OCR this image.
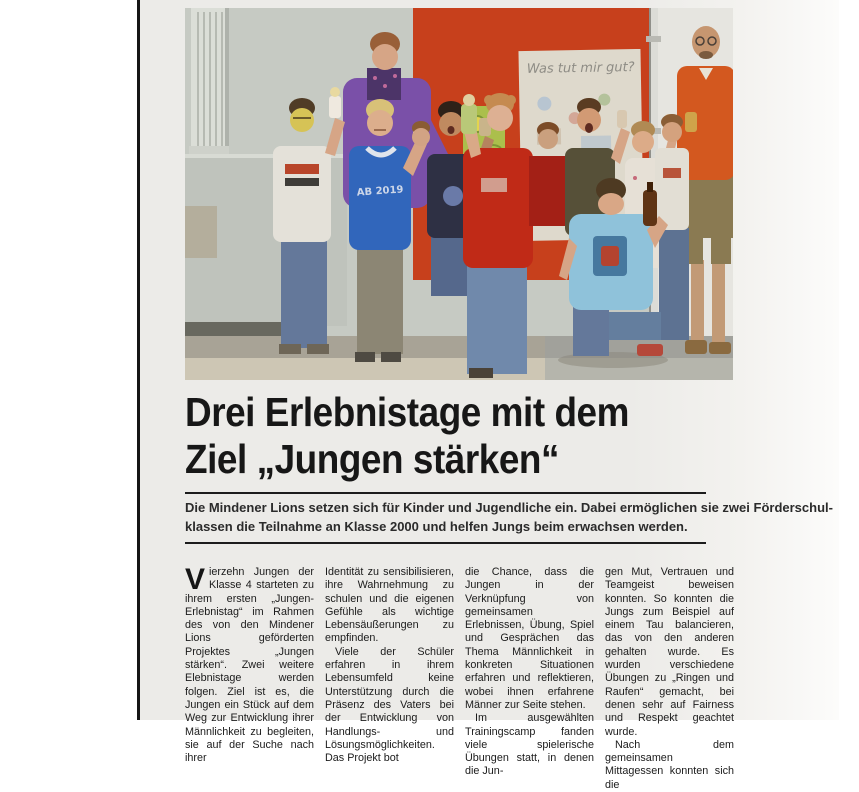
Was tut mir gut?
AB 2019
Drei Erlebnistage mit dem
Ziel „Jungen stärken“
Die Mindener Lions setzen sich für Kinder und Jugendliche ein. Dabei ermöglichen sie zwei Förderschul-
klassen die Teilnahme an Klasse 2000 und helfen Jungs beim erwachsen werden.

Vierzehn Jungen der Klasse 4 starteten zu ihrem ersten „Jungen-Erlebnistag“ im Rahmen des von den Mindener Lions geförderten Projektes „Jungen stärken“. Zwei weitere Elebnistage werden folgen. Ziel ist es, die Jungen ein Stück auf dem Weg zur Entwicklung ihrer Männlichkeit zu begleiten, sie auf der Suche nach ihrer

Identität zu sensibilisieren, ihre Wahrnehmung zu schulen und die eigenen Gefühle als wichtige Lebensäußerungen zu empfinden.

Viele der Schüler erfahren in ihrem Lebensumfeld keine Unterstützung durch die Präsenz des Vaters bei der Entwicklung von Handlungs- und Lösungsmöglichkeiten. Das Projekt bot

die Chance, dass die Jungen in der Verknüpfung von gemeinsamen Erlebnissen, Übung, Spiel und Gesprächen das Thema Männlichkeit in konkreten Situationen erfahren und reflektieren, wobei ihnen erfahrene Männer zur Seite stehen.

Im ausgewählten Trainingscamp fanden viele spielerische Übungen statt, in denen die Jun-

gen Mut, Vertrauen und Teamgeist beweisen konnten. So konnten die Jungs zum Beispiel auf einem Tau balancieren, das von den anderen gehalten wurde. Es wurden verschiedene Übungen zu „Ringen und Raufen“ gemacht, bei denen sehr auf Fairness und Respekt geachtet wurde.

Nach dem gemeinsamen Mittagessen konnten sich die
